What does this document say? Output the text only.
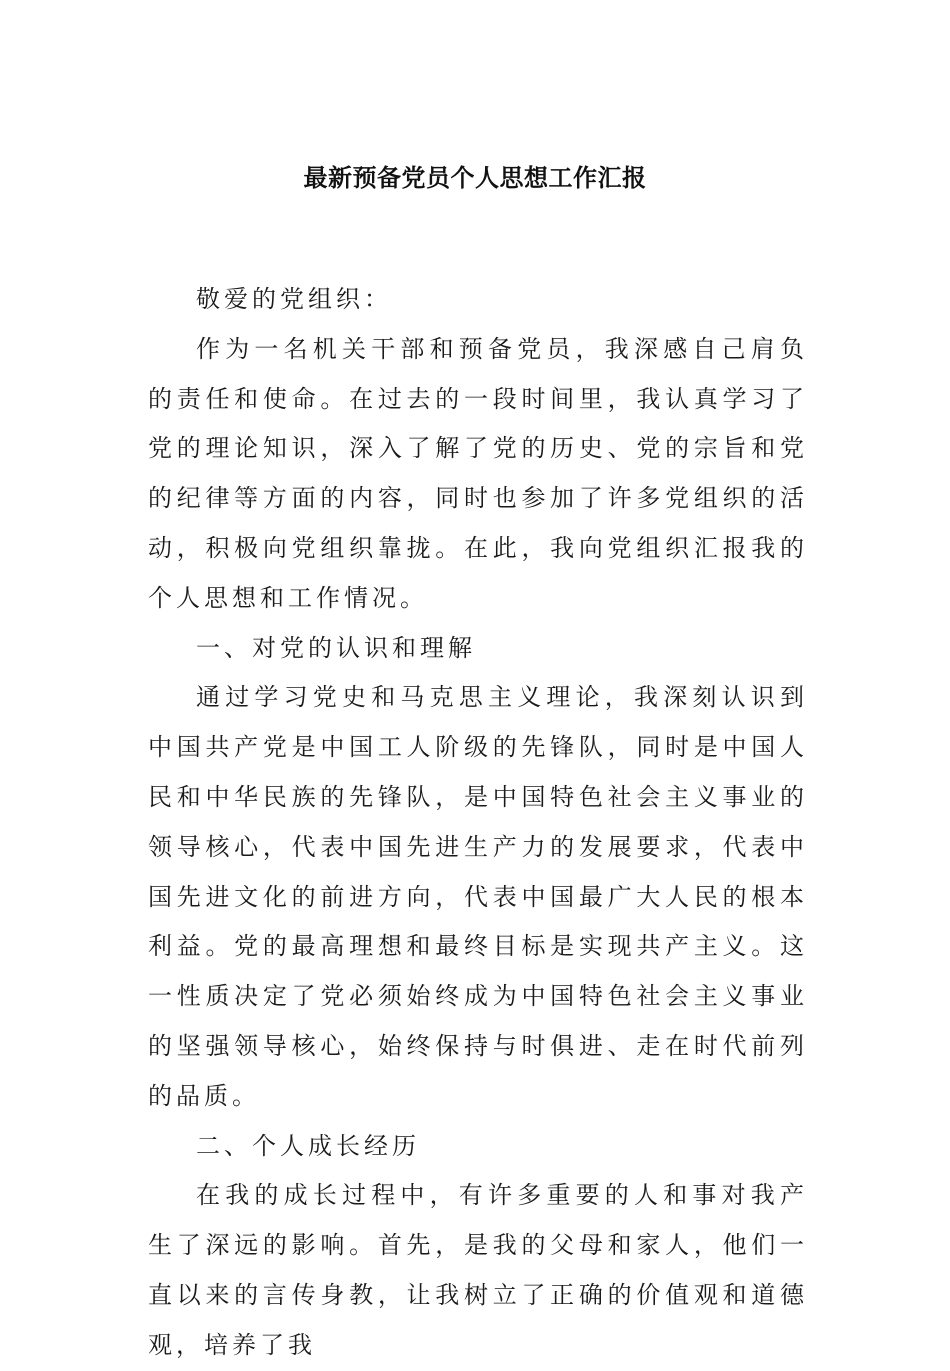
最新预备党员个人思想工作汇报

敬爱的党组织：

作为一名机关干部和预备党员，我深感自己肩负的责任和使命。在过去的一段时间里，我认真学习了党的理论知识，深入了解了党的历史、党的宗旨和党的纪律等方面的内容，同时也参加了许多党组织的活动，积极向党组织靠拢。在此，我向党组织汇报我的个人思想和工作情况。

一、对党的认识和理解

通过学习党史和马克思主义理论，我深刻认识到中国共产党是中国工人阶级的先锋队，同时是中国人民和中华民族的先锋队，是中国特色社会主义事业的领导核心，代表中国先进生产力的发展要求，代表中国先进文化的前进方向，代表中国最广大人民的根本利益。党的最高理想和最终目标是实现共产主义。这一性质决定了党必须始终成为中国特色社会主义事业的坚强领导核心，始终保持与时俱进、走在时代前列的品质。

二、个人成长经历

在我的成长过程中，有许多重要的人和事对我产生了深远的影响。首先，是我的父母和家人，他们一直以来的言传身教，让我树立了正确的价值观和道德观，培养了我
